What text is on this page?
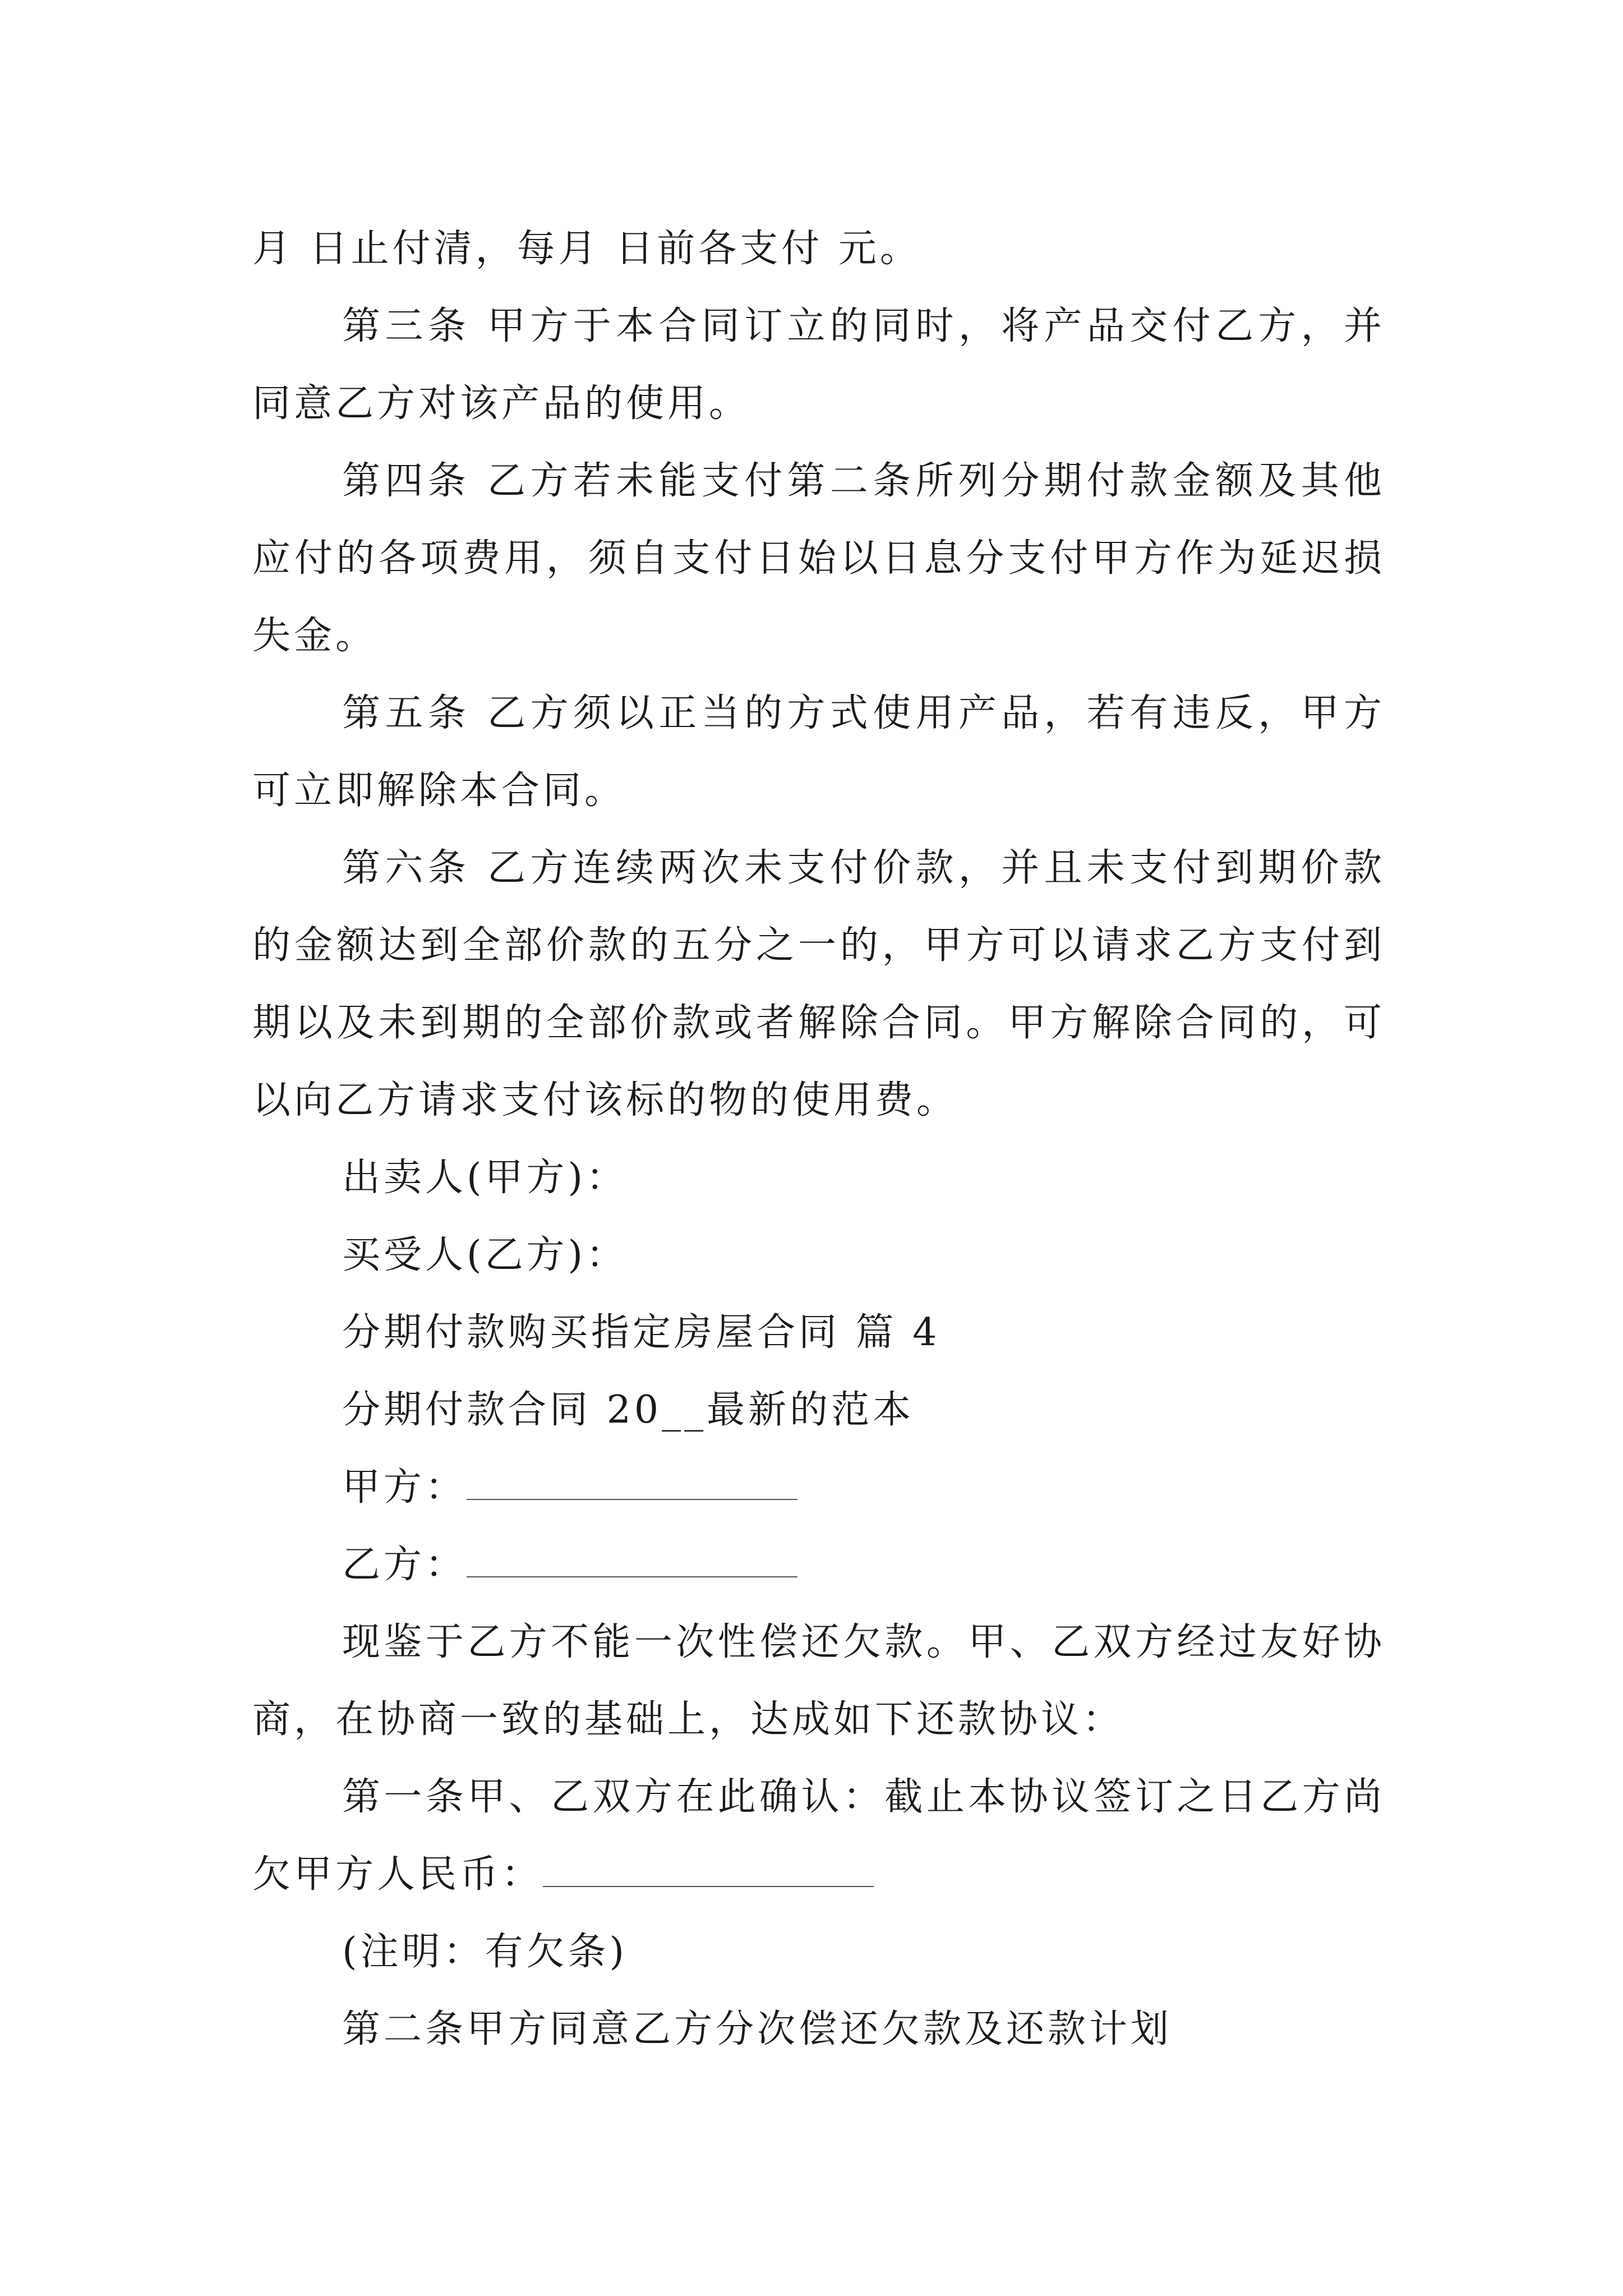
月 日止付清，每月 日前各支付 元。

第三条 甲方于本合同订立的同时，将产品交付乙方，并同意乙方对该产品的使用。

第四条 乙方若未能支付第二条所列分期付款金额及其他应付的各项费用，须自支付日始以日息分支付甲方作为延迟损失金。

第五条 乙方须以正当的方式使用产品，若有违反，甲方可立即解除本合同。

第六条 乙方连续两次未支付价款，并且未支付到期价款的金额达到全部价款的五分之一的，甲方可以请求乙方支付到期以及未到期的全部价款或者解除合同。甲方解除合同的，可以向乙方请求支付该标的物的使用费。

出卖人(甲方)：

买受人(乙方)：

分期付款购买指定房屋合同 篇 4

分期付款合同 20__最新的范本

甲方：

乙方：

现鉴于乙方不能一次性偿还欠款。甲、乙双方经过友好协商，在协商一致的基础上，达成如下还款协议：

第一条甲、乙双方在此确认：截止本协议签订之日乙方尚欠甲方人民币：

(注明：有欠条)

第二条甲方同意乙方分次偿还欠款及还款计划
